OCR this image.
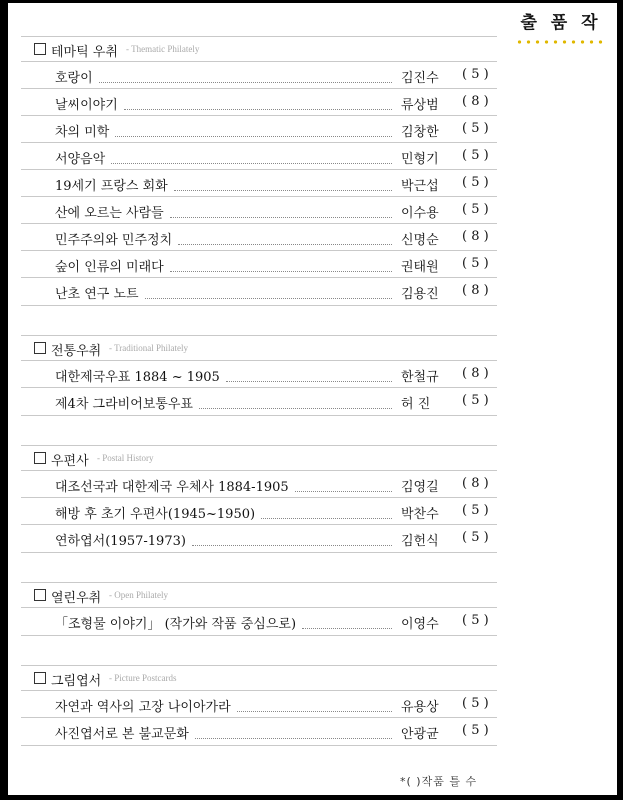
출 품 작
테마틱 우취 - Thematic Philately
호랑이	김진수 ( 5 )
날씨이야기	류상범 ( 8 )
차의 미학	김창한 ( 5 )
서양음악	민형기 ( 5 )
19세기 프랑스 회화	박근섭 ( 5 )
산에 오르는 사람들	이수용 ( 5 )
민주주의와 민주정치	신명순 ( 8 )
숲이 인류의 미래다	권태원 ( 5 )
난초 연구 노트	김용진 ( 8 )
전통우취 - Traditional Philately
대한제국우표 1884 ~ 1905	한철규 ( 8 )
제4차 그라비어보통우표	허 진 ( 5 )
우편사 - Postal History
대조선국과 대한제국 우체사 1884-1905	김영길 ( 8 )
해방 후 초기 우편사(1945~1950)	박찬수 ( 5 )
연하엽서(1957-1973)	김헌식 ( 5 )
열린우취 - Open Philately
「조형물 이야기」 (작가와 작품 중심으로)	이영수 ( 5 )
그림엽서 - Picture Postcards
자연과 역사의 고장 나이아가라	유용상 ( 5 )
사진엽서로 본 불교문화	안광균 ( 5 )
*( )작품 틀 수
